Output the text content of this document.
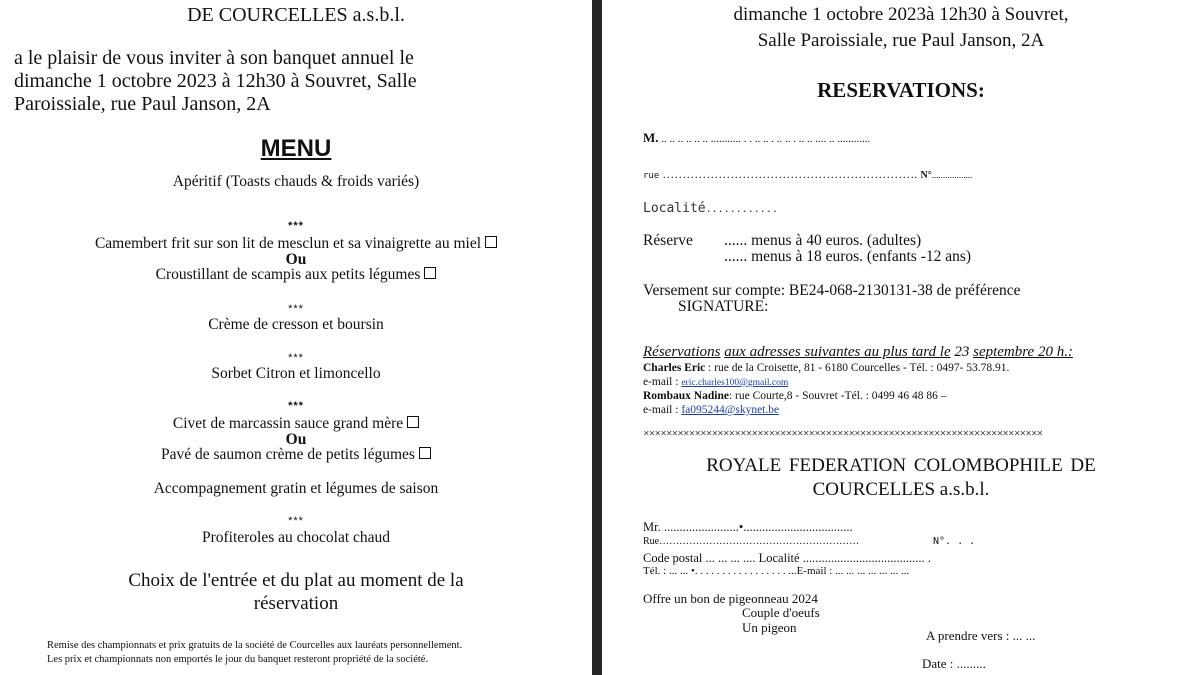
DE COURCELLES a.s.b.l.
a le plaisir de vous inviter à son banquet annuel le
dimanche 1 octobre 2023 à 12h30 à Souvret, Salle
Paroissiale, rue Paul Janson, 2A
MENU
Apéritif (Toasts chauds & froids variés)
***
Camembert frit sur son lit de mesclun et sa vinaigrette au miel
Ou
Croustillant de scampis aux petits légumes
***
Crème de cresson et boursin
***
Sorbet Citron et limoncello
***
Civet de marcassin sauce grand mère
Ou
Pavé de saumon crème de petits légumes
Accompagnement gratin et légumes de saison
***
Profiteroles au chocolat chaud
Choix de l'entrée et du plat au moment de la
réservation
Remise des championnats et prix gratuits de la société de Courcelles aux lauréats personnellement.
Les prix et championnats non emportés le jour du banquet resteront propriété de la société.
dimanche 1 octobre 2023à 12h30 à Souvret,
Salle Paroissiale, rue Paul Janson, 2A
RESERVATIONS:
M. .. .. .. .. .. .. ........... . . .. .. . .. .. . .. .. .... .. ............
rue ………………………………………………………. N°..................
Localité............
Réserve ...... menus à 40 euros. (adultes)
...... menus à 18 euros. (enfants -12 ans)
Versement sur compte: BE24-068-2130131-38 de préférence
SIGNATURE:
Réservations aux adresses suivantes au plus tard le 23 septembre 20 h.:
Charles Eric : rue de la Croisette, 81 - 6180 Courcelles - Tél. : 0497- 53.78.91.
e-mail : eric.charles100@gmail.com
Rombaux Nadine: rue Courte,8 - Souvret -Tél. : 0499 46 48 86 –
e-mail : fa095244@skynet.be
✕✕✕✕✕✕✕✕✕✕✕✕✕✕✕✕✕✕✕✕✕✕✕✕✕✕✕✕✕✕✕✕✕✕✕✕✕✕✕✕✕✕✕✕✕✕✕✕✕✕✕✕✕✕✕✕✕✕✕✕✕✕✕✕✕✕✕✕✕✕
ROYALE FEDERATION COLOMBOPHILE DE
COURCELLES a.s.b.l.
Mr. ........................•...................................
Rue……………………………………………………	N°. . .
Code postal ... ... ... .... Localité ....................................... .
Tél. : ... ... •. . . . . . . . . . . . . . . . . ...E-mail : ... ... ... ... ... ... ...
Offre un bon de pigeonneau 2024
Couple d'oeufs
Un pigeon
A prendre vers : ... ...
Date : .........
